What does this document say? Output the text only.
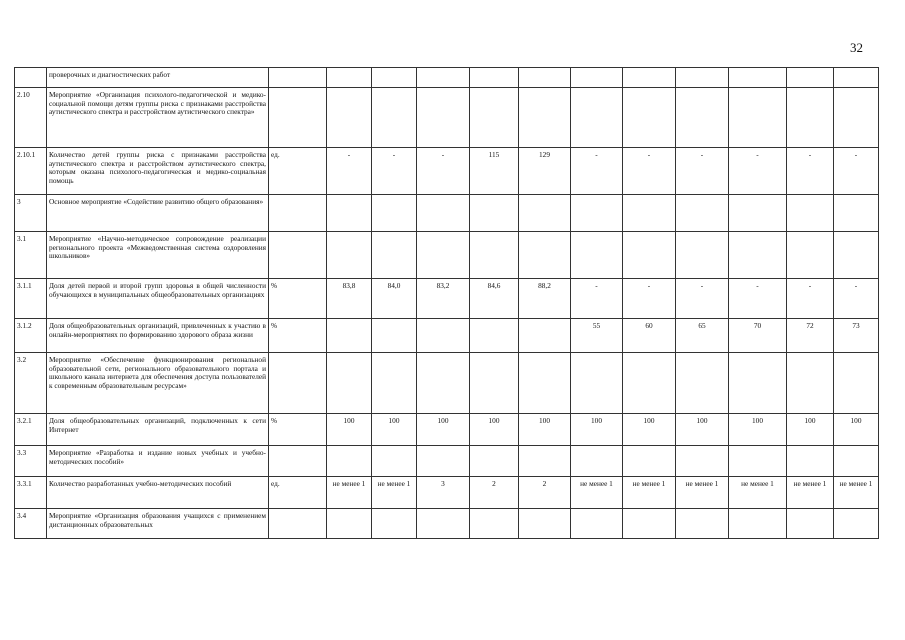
32
	проверочных и диагностических работ												
2.10	Мероприятие «Организация психолого-педагогической и медико-социальной помощи детям группы риска с признаками расстройства аутистического спектра и расстройством аутистического спектра»												
2.10.1	Количество детей группы риска с признаками расстройства аутистического спектра и расстройством аутистического спектра, которым оказана психолого-педагогическая и медико-социальная помощь	ед.	-	-	-	115	129	-	-	-	-	-	-
3	Основное мероприятие «Содействие развитию общего образования»												
3.1	Мероприятие «Научно-методическое сопровождение реализации регионального проекта «Межведомственная система оздоровления школьников»												
3.1.1	Доля детей первой и второй групп здоровья в общей численности обучающихся в муниципальных общеобразовательных организациях	%	83,8	84,0	83,2	84,6	88,2	-	-	-	-	-	-
3.1.2	Доля общеобразовательных организаций, привлеченных к участию в онлайн-мероприятиях по формированию здорового образа жизни	%						55	60	65	70	72	73
3.2	Мероприятие «Обеспечение функционирования региональной образовательной сети, регионального образовательного портала и школьного канала интернета для обеспечения доступа пользователей к современным образовательным ресурсам»												
3.2.1	Доля общеобразовательных организаций, подключенных к сети Интернет	%	100	100	100	100	100	100	100	100	100	100	100
3.3	Мероприятие «Разработка и издание новых учебных и учебно-методических пособий»												
3.3.1	Количество разработанных учебно-методических пособий	ед.	не менее 1	не менее 1	3	2	2	не менее 1	не менее 1	не менее 1	не менее 1	не менее 1	не менее 1
3.4	Мероприятие «Организация образования учащихся с применением дистанционных образовательных												
